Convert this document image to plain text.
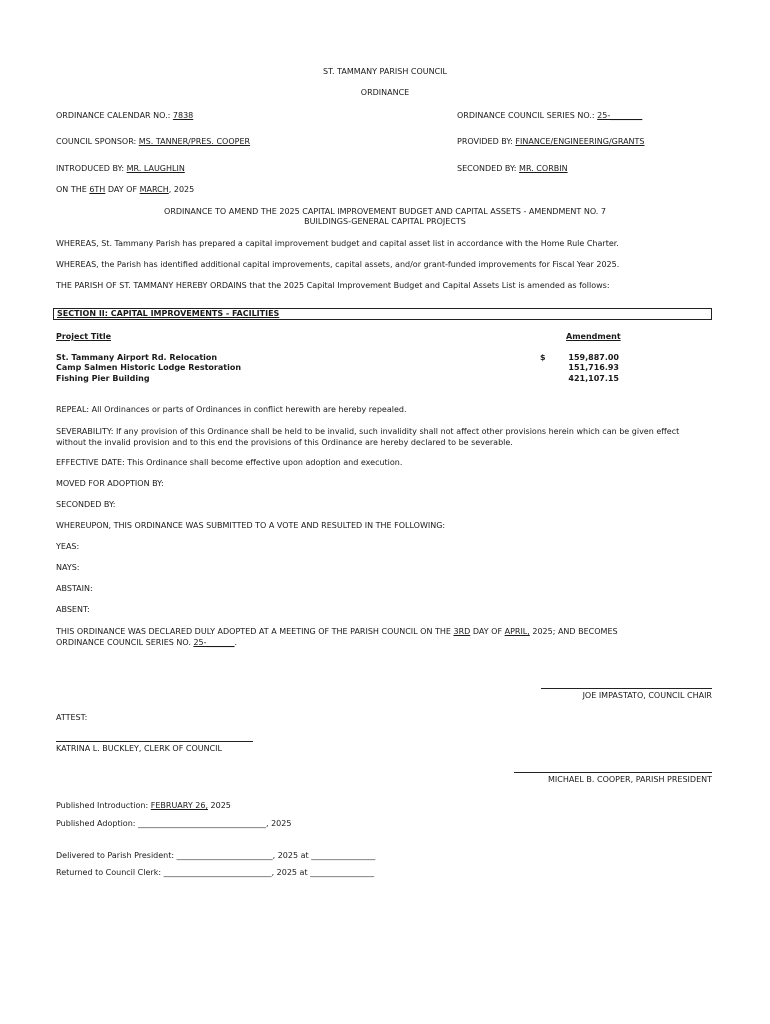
ST. TAMMANY PARISH COUNCIL
ORDINANCE
ORDINANCE CALENDAR NO.: 7838	ORDINANCE COUNCIL SERIES NO.: 25-________
COUNCIL SPONSOR: MS. TANNER/PRES. COOPER	PROVIDED BY: FINANCE/ENGINEERING/GRANTS
INTRODUCED BY: MR. LAUGHLIN	SECONDED BY: MR. CORBIN
ON THE 6TH DAY OF MARCH, 2025
ORDINANCE TO AMEND THE 2025 CAPITAL IMPROVEMENT BUDGET AND CAPITAL ASSETS - AMENDMENT NO. 7
BUILDINGS-GENERAL CAPITAL PROJECTS
WHEREAS, St. Tammany Parish has prepared a capital improvement budget and capital asset list in accordance with the Home Rule Charter.
WHEREAS, the Parish has identified additional capital improvements, capital assets, and/or grant-funded improvements for Fiscal Year 2025.
THE PARISH OF ST. TAMMANY HEREBY ORDAINS that the 2025 Capital Improvement Budget and Capital Assets List is amended as follows:
SECTION II: CAPITAL IMPROVEMENTS - FACILITIES
Project Title	Amendment
St. Tammany Airport Rd. Relocation	$	159,887.00
Camp Salmen Historic Lodge Restoration	151,716.93
Fishing Pier Building	421,107.15
REPEAL: All Ordinances or parts of Ordinances in conflict herewith are hereby repealed.
SEVERABILITY: If any provision of this Ordinance shall be held to be invalid, such invalidity shall not affect other provisions herein which can be given effect without the invalid provision and to this end the provisions of this Ordinance are hereby declared to be severable.
EFFECTIVE DATE: This Ordinance shall become effective upon adoption and execution.
MOVED FOR ADOPTION BY:
SECONDED BY:
WHEREUPON, THIS ORDINANCE WAS SUBMITTED TO A VOTE AND RESULTED IN THE FOLLOWING:
YEAS:
NAYS:
ABSTAIN:
ABSENT:
THIS ORDINANCE WAS DECLARED DULY ADOPTED AT A MEETING OF THE PARISH COUNCIL ON THE 3RD DAY OF APRIL, 2025; AND BECOMES
ORDINANCE COUNCIL SERIES NO. 25-_______.
JOE IMPASTATO, COUNCIL CHAIR
ATTEST:
KATRINA L. BUCKLEY, CLERK OF COUNCIL
MICHAEL B. COOPER, PARISH PRESIDENT
Published Introduction: FEBRUARY 26, 2025
Published Adoption: ________________________________, 2025
Delivered to Parish President: ________________________, 2025 at ________________
Returned to Council Clerk: ___________________________, 2025 at ________________
